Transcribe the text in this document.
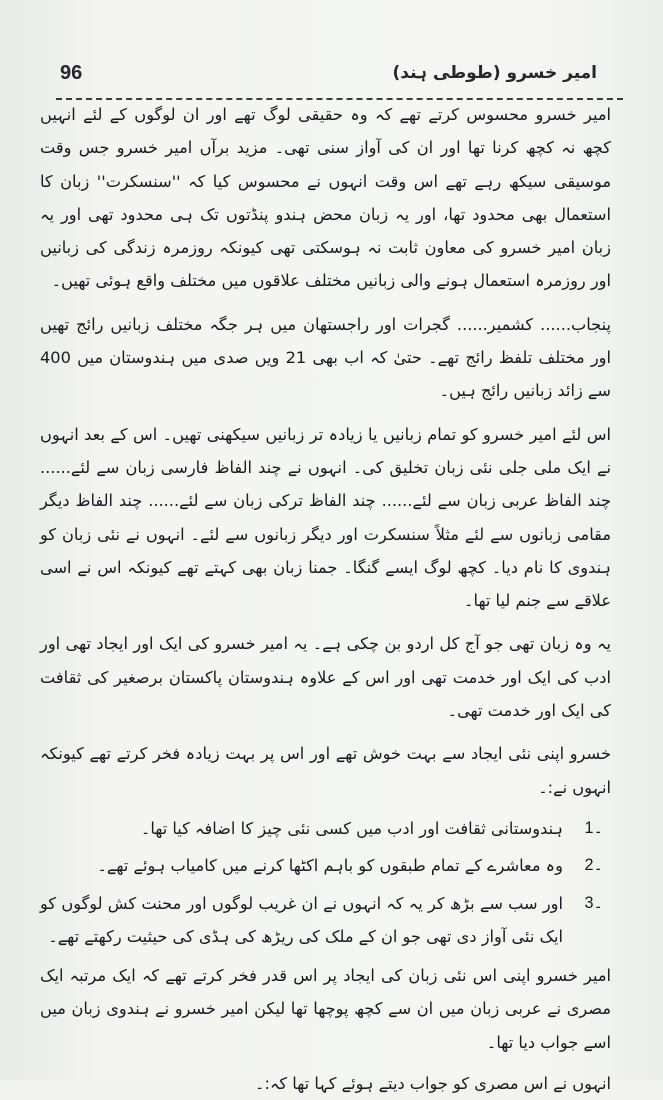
امیر خسرو (طوطی ہند)
96

امیر خسرو محسوس کرتے تھے کہ وہ حقیقی لوگ تھے اور ان لوگوں کے لئے انہیں کچھ نہ کچھ کرنا تھا اور ان کی آواز سنی تھی۔ مزید برآں امیر خسرو جس وقت موسیقی سیکھ رہے تھے اس وقت انہوں نے محسوس کیا کہ ''سنسکرت'' زبان کا استعمال بھی محدود تھا، اور یہ زبان محض ہندو پنڈتوں تک ہی محدود تھی اور یہ زبان امیر خسرو کی معاون ثابت نہ ہوسکتی تھی کیونکہ روزمرہ زندگی کی زبانیں اور روزمرہ استعمال ہونے والی زبانیں مختلف علاقوں میں مختلف واقع ہوئی تھیں۔

پنجاب...... کشمیر...... گجرات اور راجستھان میں ہر جگہ مختلف زبانیں رائج تھیں اور مختلف تلفظ رائج تھے۔ حتیٰ کہ اب بھی 21 ویں صدی میں ہندوستان میں 400 سے زائد زبانیں رائج ہیں۔

اس لئے امیر خسرو کو تمام زبانیں یا زیادہ تر زبانیں سیکھنی تھیں۔ اس کے بعد انہوں نے ایک ملی جلی نئی زبان تخلیق کی۔ انہوں نے چند الفاظ فارسی زبان سے لئے...... چند الفاظ عربی زبان سے لئے...... چند الفاظ ترکی زبان سے لئے...... چند الفاظ دیگر مقامی زبانوں سے لئے مثلاً سنسکرت اور دیگر زبانوں سے لئے۔ انہوں نے نئی زبان کو ہندوی کا نام دیا۔ کچھ لوگ ایسے گنگا۔ جمنا زبان بھی کہتے تھے کیونکہ اس نے اسی علاقے سے جنم لیا تھا۔

یہ وہ زبان تھی جو آج کل اردو بن چکی ہے۔ یہ امیر خسرو کی ایک اور ایجاد تھی اور ادب کی ایک اور خدمت تھی اور اس کے علاوہ ہندوستان پاکستان برصغیر کی ثقافت کی ایک اور خدمت تھی۔

خسرو اپنی نئی ایجاد سے بہت خوش تھے اور اس پر بہت زیادہ فخر کرتے تھے کیونکہ انہوں نے:۔

1۔
ہندوستانی ثقافت اور ادب میں کسی نئی چیز کا اضافہ کیا تھا۔
2۔
وہ معاشرے کے تمام طبقوں کو باہم اکٹھا کرنے میں کامیاب ہوئے تھے۔
3۔
اور سب سے بڑھ کر یہ کہ انہوں نے ان غریب لوگوں اور محنت کش لوگوں کو ایک نئی آواز دی تھی جو ان کے ملک کی ریڑھ کی ہڈی کی حیثیت رکھتے تھے۔

امیر خسرو اپنی اس نئی زبان کی ایجاد پر اس قدر فخر کرتے تھے کہ ایک مرتبہ ایک مصری نے عربی زبان میں ان سے کچھ پوچھا تھا لیکن امیر خسرو نے ہندوی زبان میں اسے جواب دیا تھا۔

انہوں نے اس مصری کو جواب دیتے ہوئے کہا تھا کہ:۔
